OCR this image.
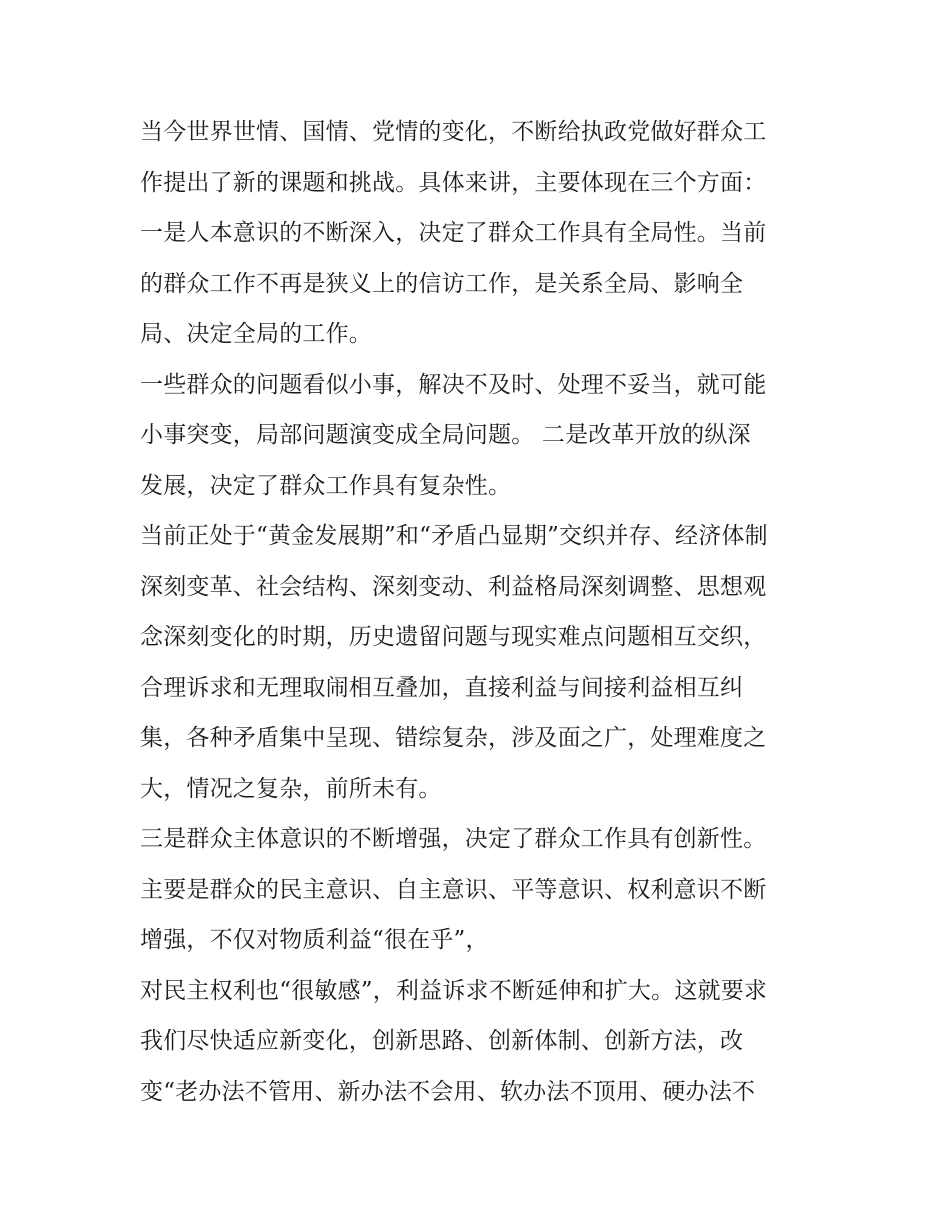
当今世界世情、国情、党情的变化，不断给执政党做好群众工
作提出了新的课题和挑战。具体来讲，主要体现在三个方面：
一是人本意识的不断深入，决定了群众工作具有全局性。当前
的群众工作不再是狭义上的信访工作，是关系全局、影响全
局、决定全局的工作。
一些群众的问题看似小事，解决不及时、处理不妥当，就可能
小事突变，局部问题演变成全局问题。 二是改革开放的纵深
发展，决定了群众工作具有复杂性。
当前正处于“黄金发展期”和“矛盾凸显期”交织并存、经济体制
深刻变革、社会结构、深刻变动、利益格局深刻调整、思想观
念深刻变化的时期，历史遗留问题与现实难点问题相互交织，
合理诉求和无理取闹相互叠加，直接利益与间接利益相互纠
集，各种矛盾集中呈现、错综复杂，涉及面之广，处理难度之
大，情况之复杂，前所未有。
三是群众主体意识的不断增强，决定了群众工作具有创新性。
主要是群众的民主意识、自主意识、平等意识、权利意识不断
增强，不仅对物质利益“很在乎”，
对民主权利也“很敏感”，利益诉求不断延伸和扩大。这就要求
我们尽快适应新变化，创新思路、创新体制、创新方法，改
变“老办法不管用、新办法不会用、软办法不顶用、硬办法不
